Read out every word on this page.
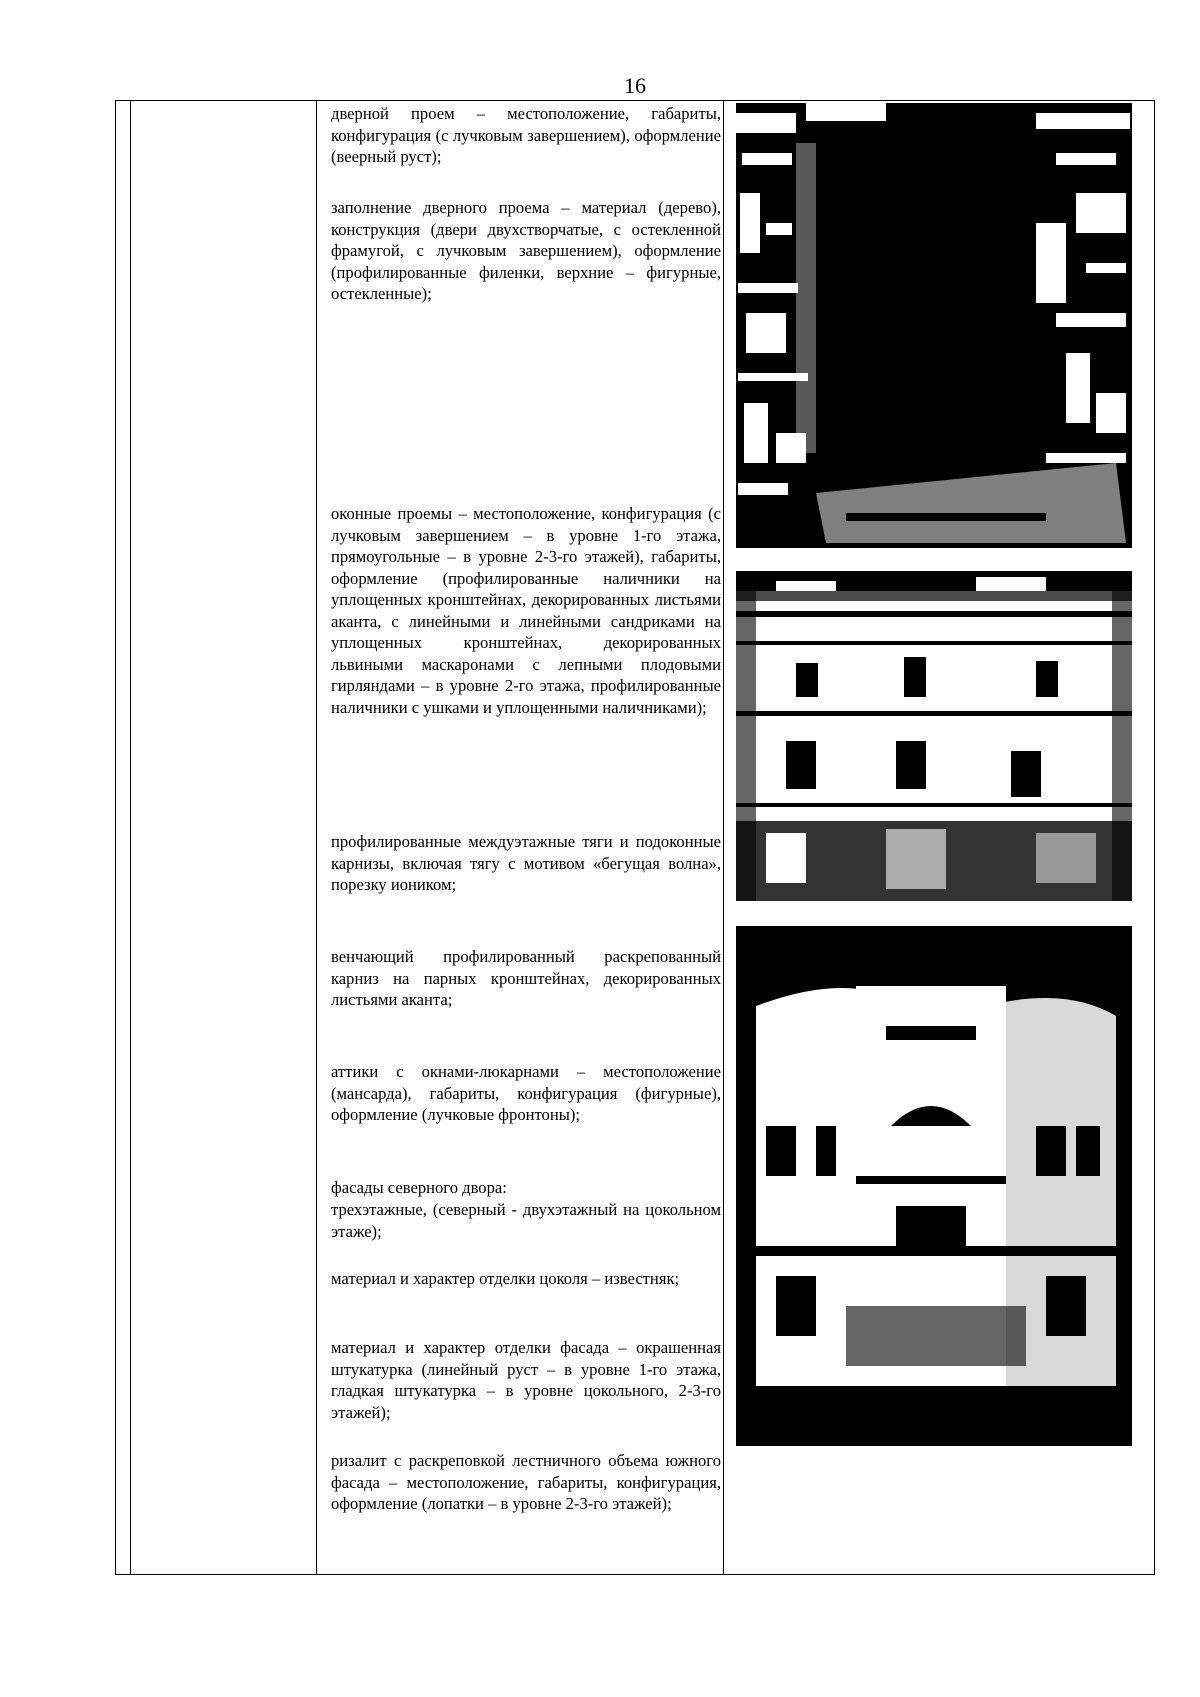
16
дверной проем – местоположение, габариты, конфигурация (с лучковым завершением), оформление (веерный руст);
заполнение дверного проема – материал (дерево), конструкция (двери двухстворчатые, с остекленной фрамугой, с лучковым завершением), оформление (профилированные филенки, верхние – фигурные, остекленные);
оконные проемы – местоположение, конфигурация (с лучковым завершением – в уровне 1-го этажа, прямоугольные – в уровне 2-3-го этажей), габариты, оформление (профилированные наличники на уплощенных кронштейнах, декорированных листьями аканта, с линейными и линейными сандриками на уплощенных кронштейнах, декорированных львиными маскаронами с лепными плодовыми гирляндами – в уровне 2-го этажа, профилированные наличники с ушками и уплощенными наличниками);
профилированные междуэтажные тяги и подоконные карнизы, включая тягу с мотивом «бегущая волна», порезку иоником;
венчающий профилированный раскрепованный карниз на парных кронштейнах, декорированных листьями аканта;
аттики с окнами-люкарнами – местоположение (мансарда), габариты, конфигурация (фигурные), оформление (лучковые фронтоны);
фасады северного двора:
трехэтажные, (северный - двухэтажный на цокольном этаже);
материал и характер отделки цоколя – известняк;
материал и характер отделки фасада – окрашенная штукатурка (линейный руст – в уровне 1-го этажа, гладкая штукатурка – в уровне цокольного, 2-3-го этажей);
ризалит с раскреповкой лестничного объема южного фасада – местоположение, габариты, конфигурация, оформление (лопатки – в уровне 2-3-го этажей);
